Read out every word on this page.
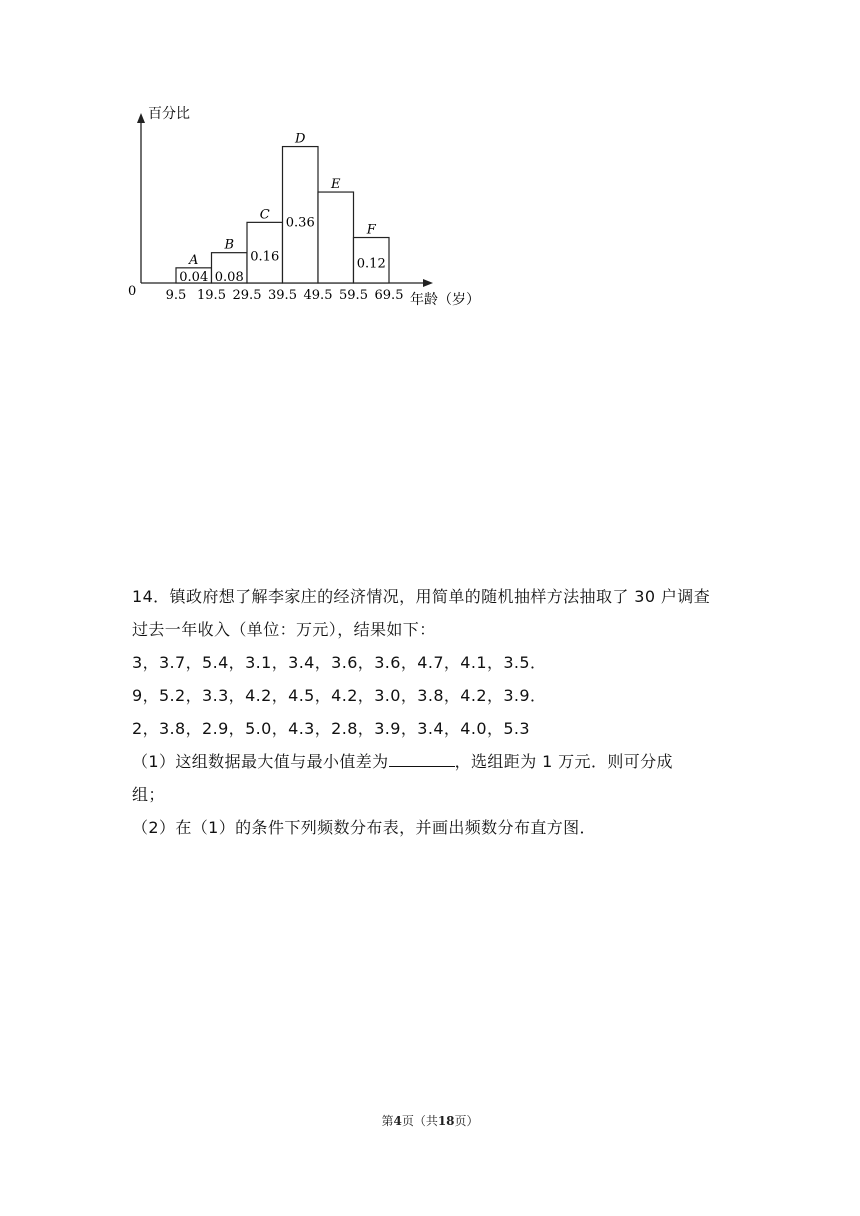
百分比
0
年龄（岁）
A
0.04
B
0.08
C
0.16
D
0.36
E
F
0.12
9.5 19.5 29.5 39.5 49.5 59.5 69.5
14．镇政府想了解李家庄的经济情况，用简单的随机抽样方法抽取了 30 户调查
过去一年收入（单位：万元），结果如下：
3，3.7，5.4，3.1，3.4，3.6，3.6，4.7，4.1，3.5．
9，5.2，3.3，4.2，4.5，4.2，3.0，3.8，4.2，3.9．
2，3.8，2.9，5.0，4.3，2.8，3.9，3.4，4.0，5.3
（1）这组数据最大值与最小值差为	，选组距为 1 万元．则可分成
组；
（2）在（1）的条件下列频数分布表，并画出频数分布直方图．
第4页（共18页）
